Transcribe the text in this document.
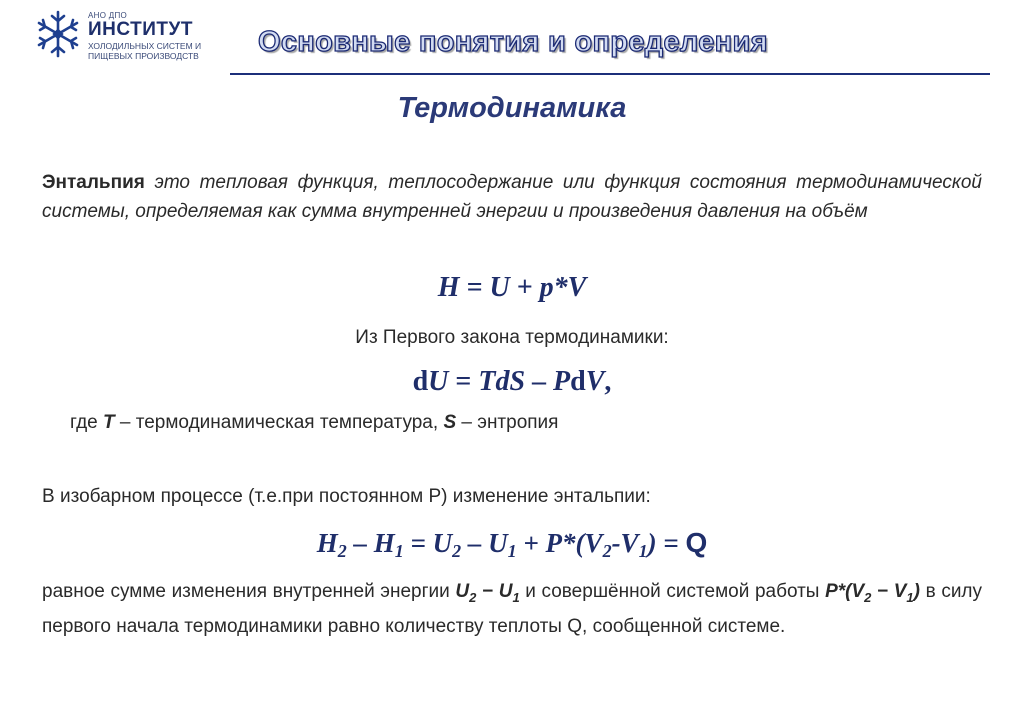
АНО ДПО
ИНСТИТУТ
ХОЛОДИЛЬНЫХ СИСТЕМ И
ПИЩЕВЫХ ПРОИЗВОДСТВ Основные понятия и определения
Термодинамика
Энтальпия это тепловая функция, теплосодержание или функция состояния термодинамической системы, определяемая как сумма внутренней энергии и произведения давления на объём
H = U + p*V
Из Первого закона термодинамики:
dU = TdS – PdV,
где T – термодинамическая температура, S – энтропия
В изобарном процессе (т.е.при постоянном Р) изменение энтальпии:
$H_2 - H_1 = U_2 - U_1 + P*(V_2-V_1) = Q$
равное сумме изменения внутренней энергии $U_2 - U_1$ и совершённой системой работы $P*(V_2 - V_1)$ в силу первого начала термодинамики равно количеству теплоты Q, сообщенной системе.
